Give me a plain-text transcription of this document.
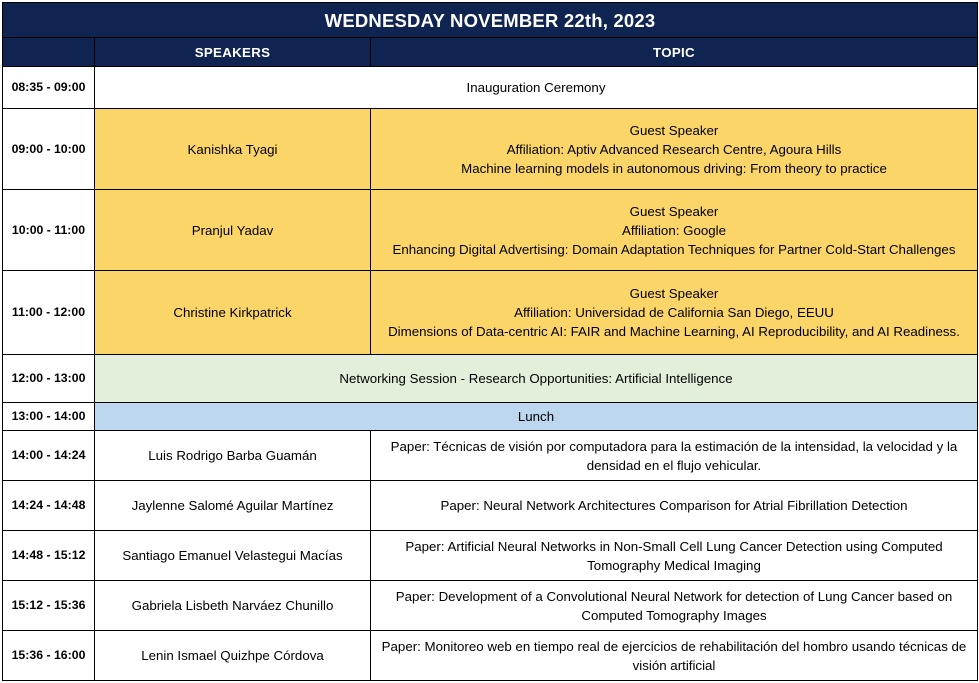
WEDNESDAY NOVEMBER 22th, 2023		
	SPEAKERS	TOPIC
08:35 - 09:00	Inauguration Ceremony	
09:00 - 10:00	Kanishka Tyagi	Guest Speaker
Affiliation: Aptiv Advanced Research Centre, Agoura Hills
Machine learning models in autonomous driving: From theory to practice

10:00 - 11:00	Pranjul Yadav	Guest Speaker
Affiliation: Google
Enhancing Digital Advertising: Domain Adaptation Techniques for Partner Cold-Start Challenges

11:00 - 12:00	Christine Kirkpatrick	Guest Speaker
Affiliation: Universidad de California San Diego, EEUU
Dimensions of Data-centric AI: FAIR and Machine Learning, AI Reproducibility, and AI Readiness.

12:00 - 13:00	Networking Session - Research Opportunities: Artificial Intelligence	
13:00 - 14:00	Lunch	
14:00 - 14:24	Luis Rodrigo Barba Guamán	Paper: Técnicas de visión por computadora para la estimación de la intensidad, la velocidad y la densidad en el flujo vehicular.
14:24 - 14:48	Jaylenne Salomé Aguilar Martínez	Paper: Neural Network Architectures Comparison for Atrial Fibrillation Detection
14:48 - 15:12	Santiago Emanuel Velastegui Macías	Paper: Artificial Neural Networks in Non-Small Cell Lung Cancer Detection using Computed Tomography Medical Imaging
15:12 - 15:36	Gabriela Lisbeth Narváez Chunillo	Paper: Development of a Convolutional Neural Network for detection of Lung Cancer based on Computed Tomography Images
15:36 - 16:00	Lenin Ismael Quizhpe Córdova	Paper: Monitoreo web en tiempo real de ejercicios de rehabilitación del hombro usando técnicas de visión artificial
